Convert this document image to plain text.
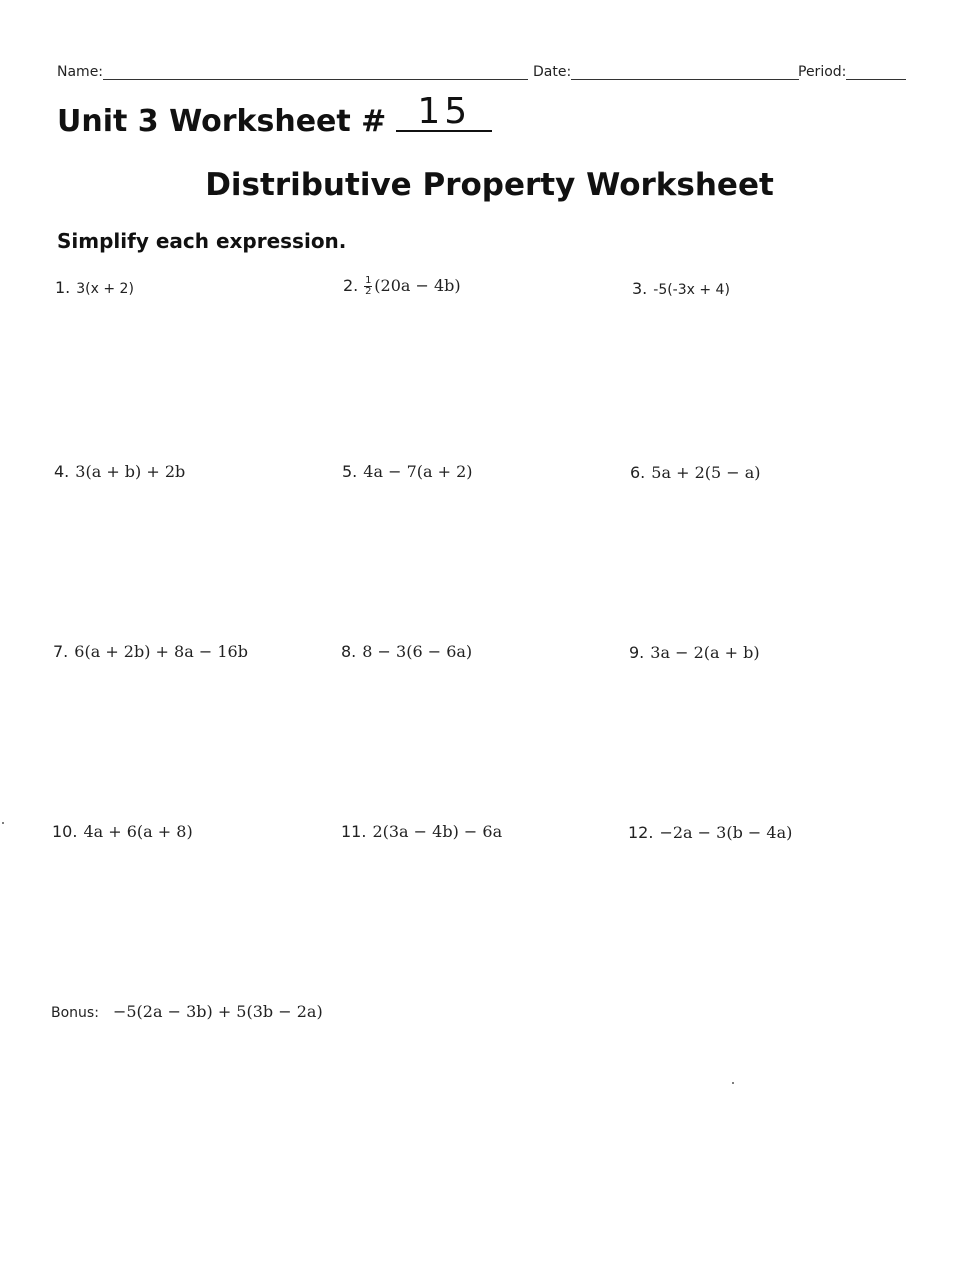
Name:	Date:	Period:
Unit 3 Worksheet # 15
Distributive Property Worksheet
Simplify each expression.
1. 3(x + 2)	2. $\frac{1}{2} (20a - 4b)$	3. -5(-3x + 4)
4. 3(a + b) + 2b	5. 4a − 7(a + 2)	6. 5a + 2(5 − a)
7. 6(a + 2b) + 8a − 16b	8. 8 − 3(6 − 6a)	9. 3a − 2(a + b)
10. 4a + 6(a + 8)	11. 2(3a − 4b) − 6a	12. −2a − 3(b − 4a)
Bonus: −5(2a − 3b) + 5(3b − 2a)
